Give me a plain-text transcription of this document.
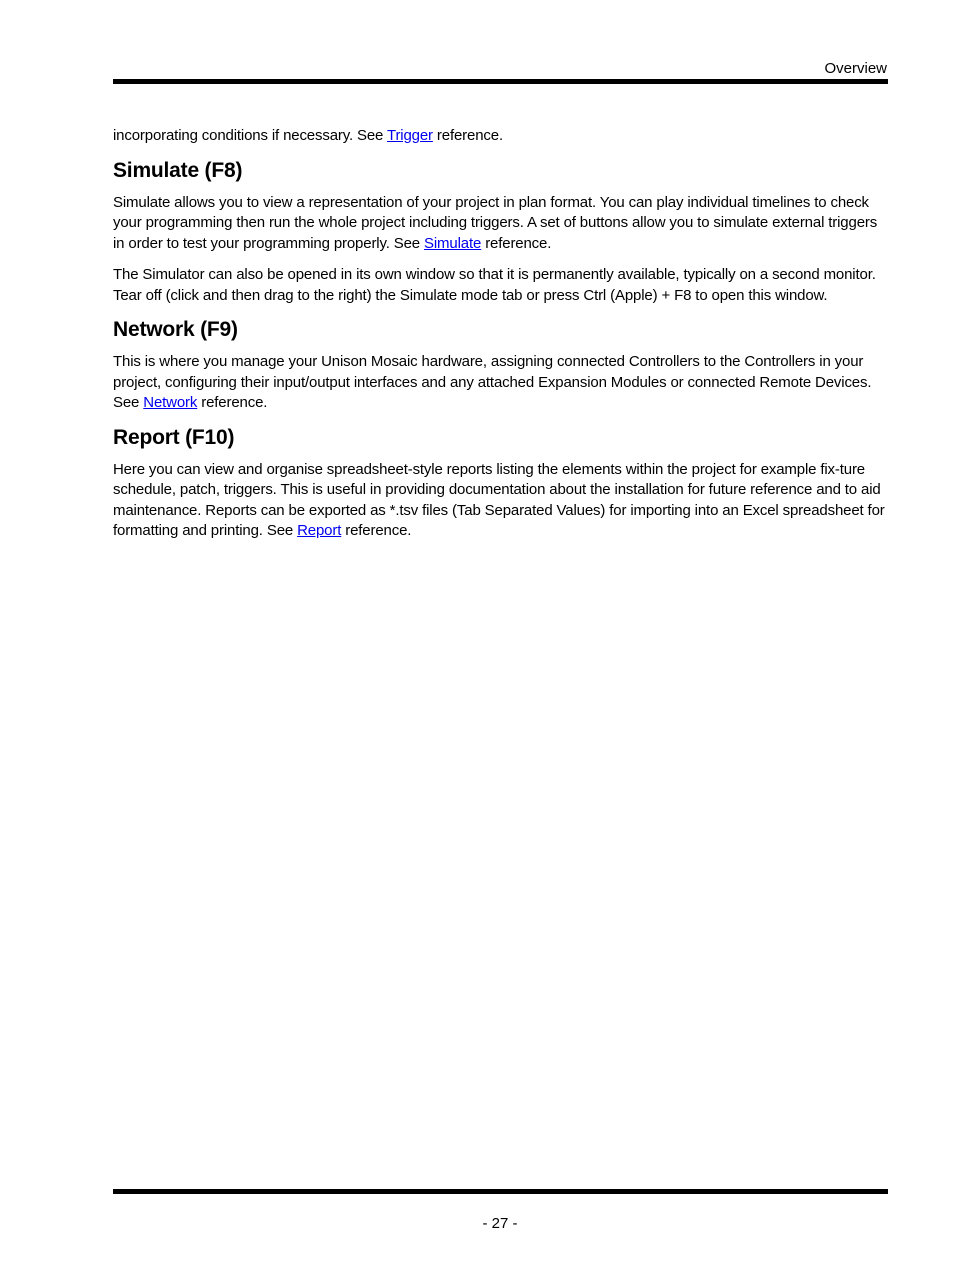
Overview

incorporating conditions if necessary. See Trigger reference.

Simulate (F8)

Simulate allows you to view a representation of your project in plan format. You can play individual timelines to check your programming then run the whole project including triggers. A set of buttons allow you to simulate external triggers in order to test your programming properly. See Simulate reference.

The Simulator can also be opened in its own window so that it is permanently available, typically on a second monitor. Tear off (click and then drag to the right) the Simulate mode tab or press Ctrl (Apple) + F8 to open this window.

Network (F9)

This is where you manage your Unison Mosaic hardware, assigning connected Controllers to the Controllers in your project, configuring their input/output interfaces and any attached Expansion Modules or connected Remote Devices. See Network reference.

Report (F10)

Here you can view and organise spreadsheet-style reports listing the elements within the project for example fix-ture schedule, patch, triggers. This is useful in providing documentation about the installation for future reference and to aid maintenance. Reports can be exported as *.tsv files (Tab Separated Values) for importing into an Excel spreadsheet for formatting and printing. See Report reference.

- 27 -
